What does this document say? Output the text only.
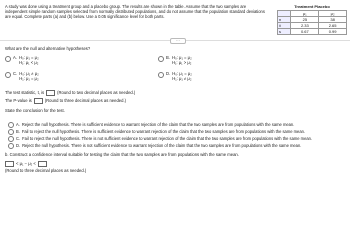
A study was done using a treatment group and a placebo group. The results are shown in the table. Assume that the two samples are independent simple random samples selected from normally distributed populations, and do not assume that the population standard deviations are equal. Complete parts (a) and (b) below. Use a 0.05 significance level for both parts.
Treatment Placebo
	μ₁	μ₂
n	25	38
x̄	2.33	2.65
s	0.67	0.99
···
What are the null and alternative hypotheses?
A. H₀: μ₁ = μ₂
H₁: μ₁ < μ₂
B. H₀: μ₁ = μ₂
H₁: μ₁ > μ₂
C. H₀: μ₁ ≠ μ₂
H₁: μ₁ = μ₂
D. H₀: μ₁ = μ₂
H₁: μ₁ ≠ μ₂
The test statistic, t, is	(Round to two decimal places as needed.)
The P-value is	(Round to three decimal places as needed.)
State the conclusion for the test.
A. Reject the null hypothesis. There is sufficient evidence to warrant rejection of the claim that the two samples are from populations with the same mean.
B. Fail to reject the null hypothesis. There is sufficient evidence to warrant rejection of the claim that the two samples are from populations with the same mean.
C. Fail to reject the null hypothesis. There is not sufficient evidence to warrant rejection of the claim that the two samples are from populations with the same mean.
D. Reject the null hypothesis. There is not sufficient evidence to warrant rejection of the claim that the two samples are from populations with the same mean.
b. Construct a confidence interval suitable for testing the claim that the two samples are from populations with the same mean.
< μ₁ − μ₂ <
(Round to three decimal places as needed.)
